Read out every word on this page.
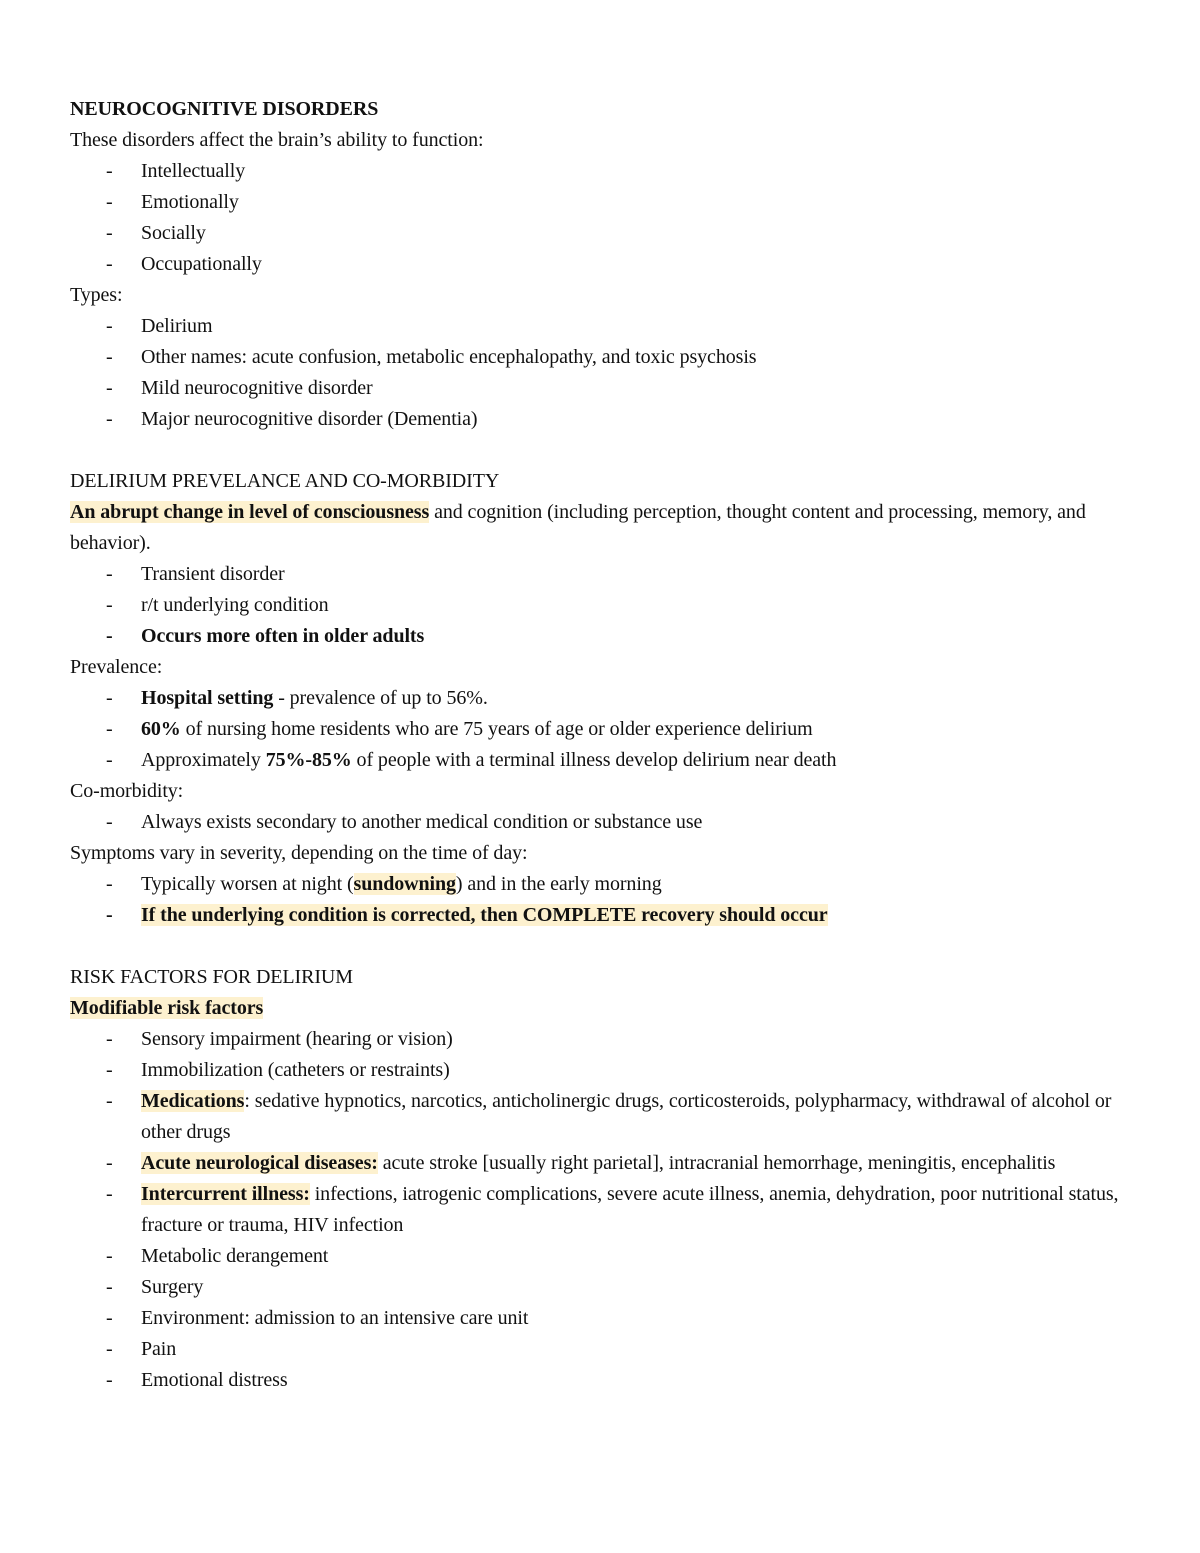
NEUROCOGNITIVE DISORDERS
These disorders affect the brain’s ability to function:
- Intellectually
- Emotionally
- Socially
- Occupationally
Types:
- Delirium
- Other names: acute confusion, metabolic encephalopathy, and toxic psychosis
- Mild neurocognitive disorder
- Major neurocognitive disorder (Dementia)
DELIRIUM PREVELANCE AND CO-MORBIDITY
An abrupt change in level of consciousness and cognition (including perception, thought content and processing, memory, and behavior).
- Transient disorder
- r/t underlying condition
- Occurs more often in older adults
Prevalence:
- Hospital setting - prevalence of up to 56%.
- 60% of nursing home residents who are 75 years of age or older experience delirium
- Approximately 75%-85% of people with a terminal illness develop delirium near death
Co-morbidity:
- Always exists secondary to another medical condition or substance use
Symptoms vary in severity, depending on the time of day:
- Typically worsen at night (sundowning) and in the early morning
- If the underlying condition is corrected, then COMPLETE recovery should occur
RISK FACTORS FOR DELIRIUM
Modifiable risk factors
- Sensory impairment (hearing or vision)
- Immobilization (catheters or restraints)
- Medications: sedative hypnotics, narcotics, anticholinergic drugs, corticosteroids, polypharmacy, withdrawal of alcohol or other drugs
- Acute neurological diseases: acute stroke [usually right parietal], intracranial hemorrhage, meningitis, encephalitis
- Intercurrent illness: infections, iatrogenic complications, severe acute illness, anemia, dehydration, poor nutritional status, fracture or trauma, HIV infection
- Metabolic derangement
- Surgery
- Environment: admission to an intensive care unit
- Pain
- Emotional distress
